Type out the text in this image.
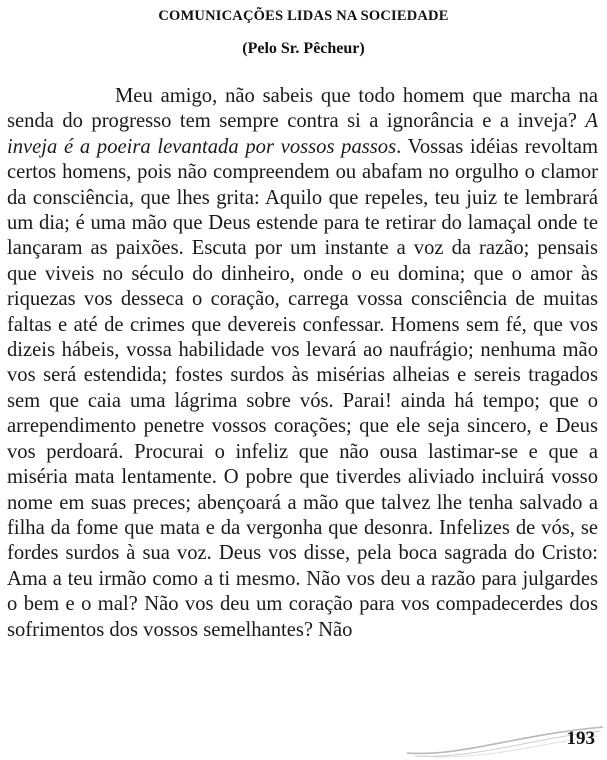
COMUNICAÇÕES LIDAS NA SOCIEDADE
(Pelo Sr. Pêcheur)

Meu amigo, não sabeis que todo homem que marcha na senda do progresso tem sempre contra si a ignorância e a inveja? A inveja é a poeira levantada por vossos passos. Vossas idéias revoltam certos homens, pois não compreendem ou abafam no orgulho o clamor da consciência, que lhes grita: Aquilo que repeles, teu juiz te lembrará um dia; é uma mão que Deus estende para te retirar do lamaçal onde te lançaram as paixões. Escuta por um instante a voz da razão; pensais que viveis no século do dinheiro, onde o eu domina; que o amor às riquezas vos desseca o coração, carrega vossa consciência de muitas faltas e até de crimes que devereis confessar. Homens sem fé, que vos dizeis hábeis, vossa habilidade vos levará ao naufrágio; nenhuma mão vos será estendida; fostes surdos às misérias alheias e sereis tragados sem que caia uma lágrima sobre vós. Parai! ainda há tempo; que o arrependimento penetre vossos corações; que ele seja sincero, e Deus vos perdoará. Procurai o infeliz que não ousa lastimar-se e que a miséria mata lentamente. O pobre que tiverdes aliviado incluirá vosso nome em suas preces; abençoará a mão que talvez lhe tenha salvado a filha da fome que mata e da vergonha que desonra. Infelizes de vós, se fordes surdos à sua voz. Deus vos disse, pela boca sagrada do Cristo: Ama a teu irmão como a ti mesmo. Não vos deu a razão para julgardes o bem e o mal? Não vos deu um coração para vos compadecerdes dos sofrimentos dos vossos semelhantes? Não

193
